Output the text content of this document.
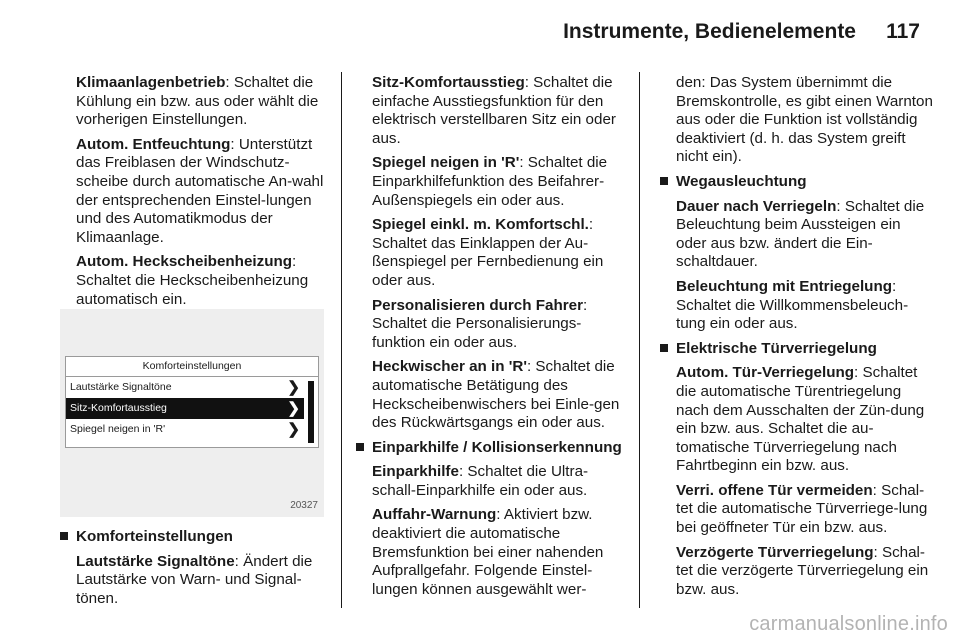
Instrumente, Bedienelemente 117
Klimaanlagenbetrieb: Schaltet die Kühlung ein bzw. aus oder wählt die vorherigen Einstellungen.
Autom. Entfeuchtung: Unterstützt das Freiblasen der Windschutz-scheibe durch automatische An-wahl der entsprechenden Einstel-lungen und des Automatikmodus der Klimaanlage.
Autom. Heckscheibenheizung: Schaltet die Heckscheibenheizung automatisch ein.
Komforteinstellungen
Lautstärke Signaltöne	❯
Sitz-Komfortausstieg	❯
Spiegel neigen in 'R'	❯
20327
Komforteinstellungen
Lautstärke Signaltöne: Ändert die Lautstärke von Warn- und Signal-tönen.
Sitz-Komfortausstieg: Schaltet die einfache Ausstiegsfunktion für den elektrisch verstellbaren Sitz ein oder aus.
Spiegel neigen in 'R': Schaltet die Einparkhilfefunktion des Beifahrer-Außenspiegels ein oder aus.
Spiegel einkl. m. Komfortschl.: Schaltet das Einklappen der Au-ßenspiegel per Fernbedienung ein oder aus.
Personalisieren durch Fahrer: Schaltet die Personalisierungs-funktion ein oder aus.
Heckwischer an in 'R': Schaltet die automatische Betätigung des Heckscheibenwischers bei Einle-gen des Rückwärtsgangs ein oder aus.
Einparkhilfe / Kollisionserkennung
Einparkhilfe: Schaltet die Ultra-schall-Einparkhilfe ein oder aus.
Auffahr-Warnung: Aktiviert bzw. deaktiviert die automatische Bremsfunktion bei einer nahenden Aufprallgefahr. Folgende Einstel-lungen können ausgewählt wer-
den: Das System übernimmt die Bremskontrolle, es gibt einen Warnton aus oder die Funktion ist vollständig deaktiviert (d. h. das System greift nicht ein).
Wegausleuchtung
Dauer nach Verriegeln: Schaltet die Beleuchtung beim Aussteigen ein oder aus bzw. ändert die Ein-schaltdauer.
Beleuchtung mit Entriegelung: Schaltet die Willkommensbeleuch-tung ein oder aus.
Elektrische Türverriegelung
Autom. Tür-Verriegelung: Schaltet die automatische Türentriegelung nach dem Ausschalten der Zün-dung ein bzw. aus. Schaltet die au-tomatische Türverriegelung nach Fahrtbeginn ein bzw. aus.
Verri. offene Tür vermeiden: Schal-tet die automatische Türverriege-lung bei geöffneter Tür ein bzw. aus.
Verzögerte Türverriegelung: Schal-tet die verzögerte Türverriegelung ein bzw. aus.
carmanualsonline.info
